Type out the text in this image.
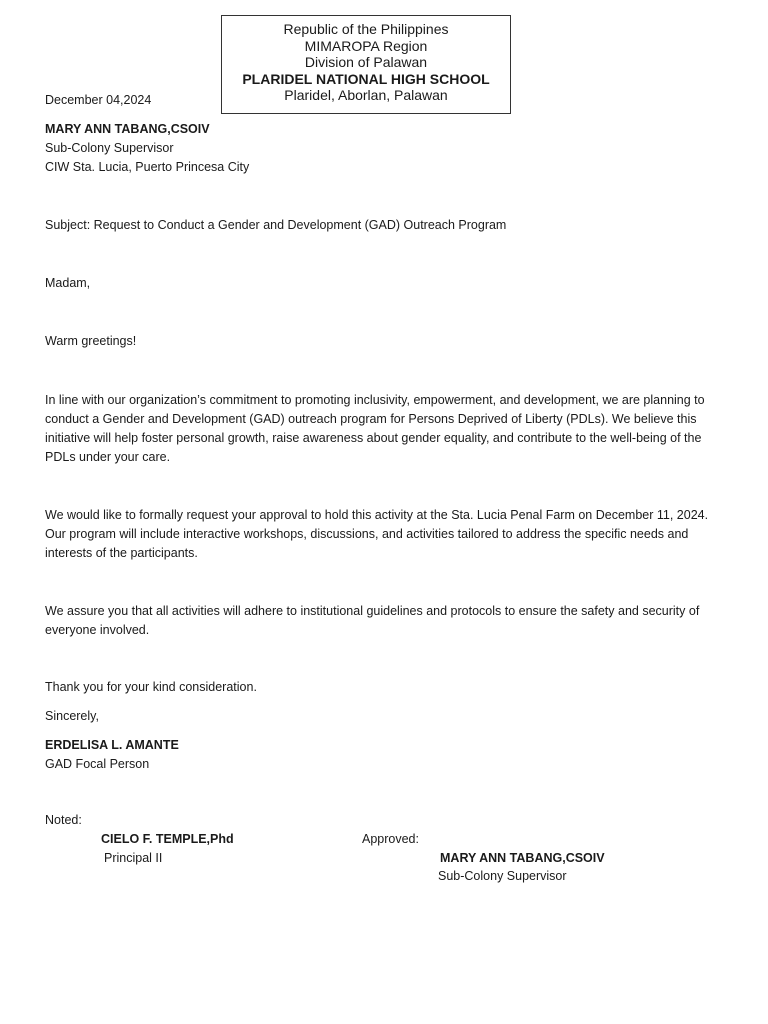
Republic of the Philippines
MIMAROPA Region
Division of Palawan
PLARIDEL NATIONAL HIGH SCHOOL
Plaridel, Aborlan, Palawan
December 04,2024
MARY ANN TABANG,CSOIV
Sub-Colony Supervisor
CIW Sta. Lucia, Puerto Princesa City
Subject: Request to Conduct a Gender and Development (GAD) Outreach Program
Madam,
Warm greetings!
In line with our organization’s commitment to promoting inclusivity, empowerment, and development, we are planning to conduct a Gender and Development (GAD) outreach program for Persons Deprived of Liberty (PDLs). We believe this initiative will help foster personal growth, raise awareness about gender equality, and contribute to the well-being of the PDLs under your care.
We would like to formally request your approval to hold this activity at the Sta. Lucia Penal Farm on December 11, 2024. Our program will include interactive workshops, discussions, and activities tailored to address the specific needs and interests of the participants.
We assure you that all activities will adhere to institutional guidelines and protocols to ensure the safety and security of everyone involved.
Thank you for your kind consideration.
Sincerely,
ERDELISA L. AMANTE
GAD Focal Person
Noted:
CIELO F. TEMPLE,Phd
Principal II
Approved:
MARY ANN TABANG,CSOIV
Sub-Colony Supervisor
